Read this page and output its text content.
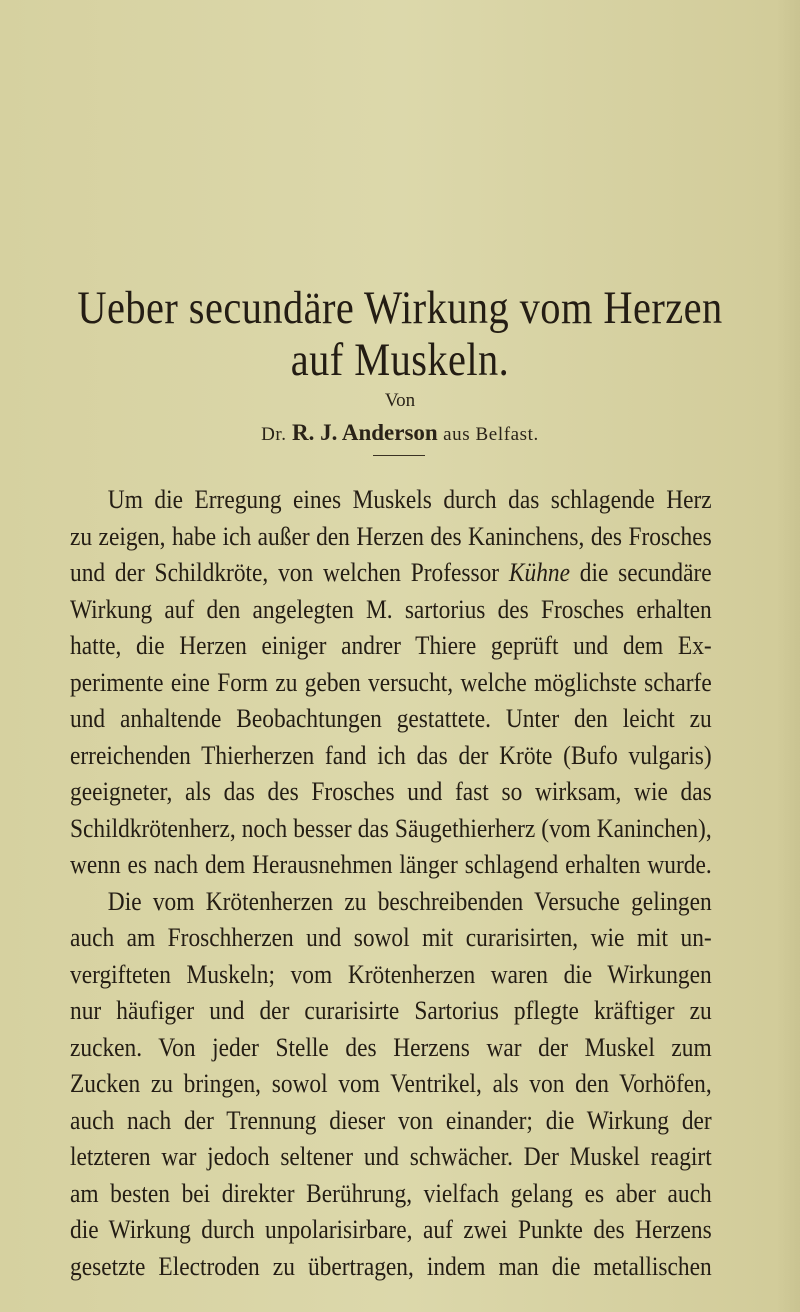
Ueber secundäre Wirkung vom Herzen
auf Muskeln.
Von
Dr. R. J. Anderson aus Belfast.
Um die Erregung eines Muskels durch das schlagende Herz
zu zeigen, habe ich außer den Herzen des Kaninchens, des Frosches
und der Schildkröte, von welchen Professor Kühne die secundäre
Wirkung auf den angelegten M. sartorius des Frosches erhalten
hatte, die Herzen einiger andrer Thiere geprüft und dem Ex-
perimente eine Form zu geben versucht, welche möglichste scharfe
und anhaltende Beobachtungen gestattete. Unter den leicht zu
erreichenden Thierherzen fand ich das der Kröte (Bufo vulgaris)
geeigneter, als das des Frosches und fast so wirksam, wie das
Schildkrötenherz, noch besser das Säugethierherz (vom Kaninchen),
wenn es nach dem Herausnehmen länger schlagend erhalten wurde.
Die vom Krötenherzen zu beschreibenden Versuche gelingen
auch am Froschherzen und sowol mit curarisirten, wie mit un-
vergifteten Muskeln; vom Krötenherzen waren die Wirkungen
nur häufiger und der curarisirte Sartorius pflegte kräftiger zu
zucken. Von jeder Stelle des Herzens war der Muskel zum
Zucken zu bringen, sowol vom Ventrikel, als von den Vorhöfen,
auch nach der Trennung dieser von einander; die Wirkung der
letzteren war jedoch seltener und schwächer. Der Muskel reagirt
am besten bei direkter Berührung, vielfach gelang es aber auch
die Wirkung durch unpolarisirbare, auf zwei Punkte des Herzens
gesetzte Electroden zu übertragen, indem man die metallischen
